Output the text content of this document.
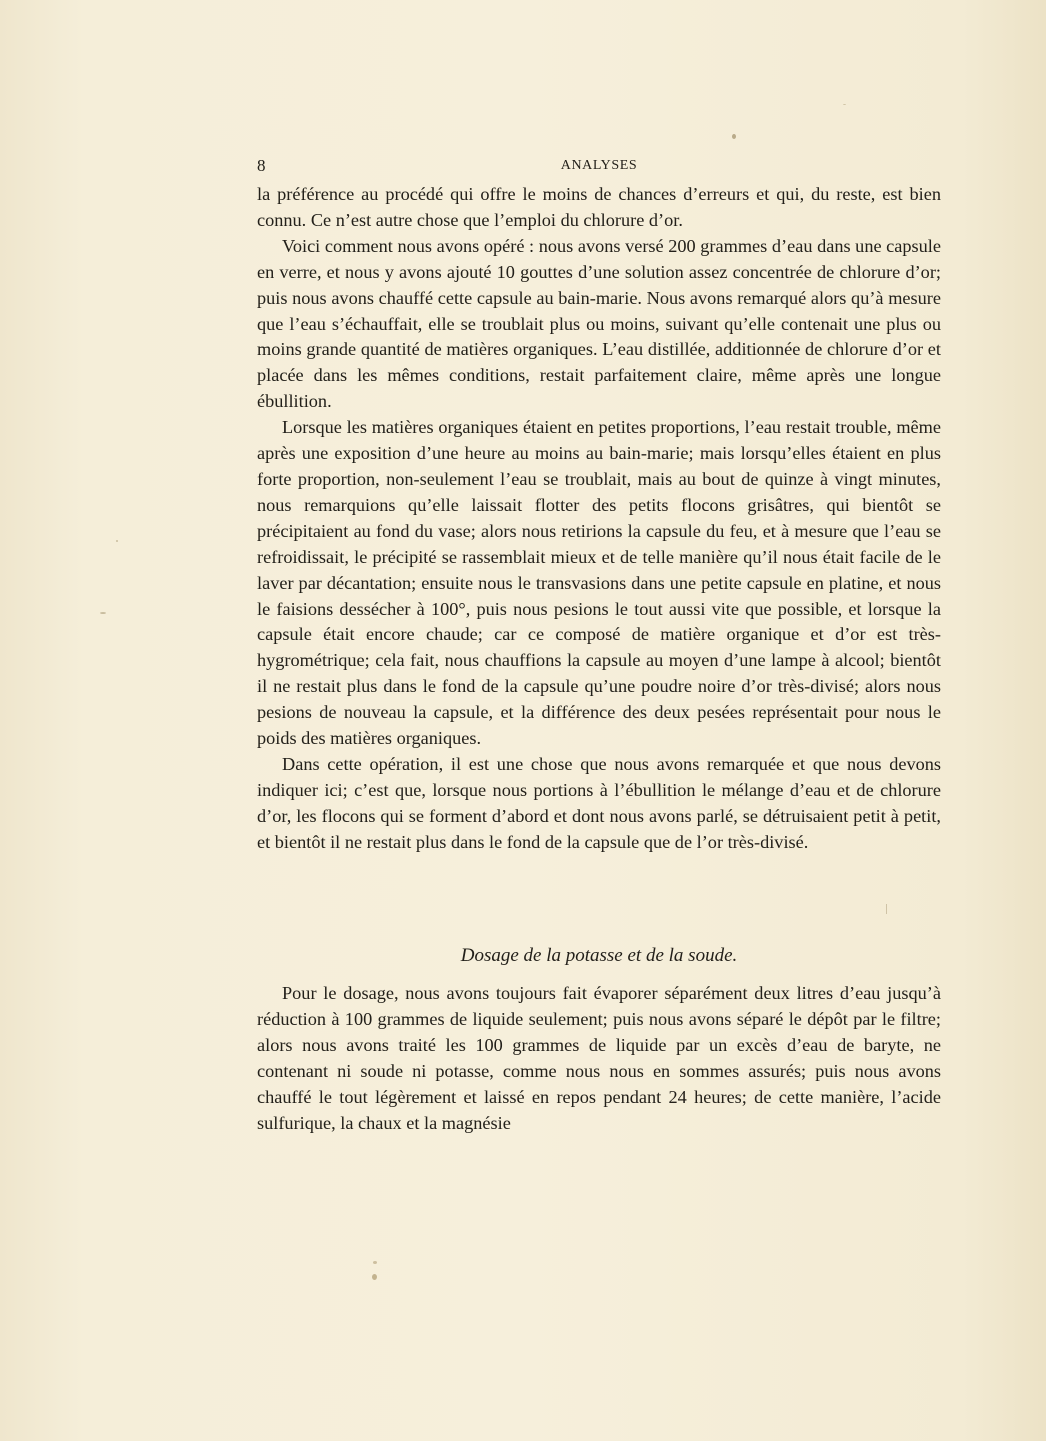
8	ANALYSES

la préférence au procédé qui offre le moins de chances d’erreurs et qui, du reste, est bien connu. Ce n’est autre chose que l’emploi du chlorure d’or.

Voici comment nous avons opéré : nous avons versé 200 grammes d’eau dans une capsule en verre, et nous y avons ajouté 10 gouttes d’une solution assez concentrée de chlorure d’or; puis nous avons chauffé cette capsule au bain-marie. Nous avons remarqué alors qu’à mesure que l’eau s’échauffait, elle se troublait plus ou moins, suivant qu’elle contenait une plus ou moins grande quantité de matières organiques. L’eau distillée, additionnée de chlorure d’or et placée dans les mêmes conditions, restait parfaitement claire, même après une longue ébullition.

Lorsque les matières organiques étaient en petites proportions, l’eau restait trouble, même après une exposition d’une heure au moins au bain-marie; mais lorsqu’elles étaient en plus forte proportion, non-seulement l’eau se troublait, mais au bout de quinze à vingt minutes, nous remarquions qu’elle laissait flotter des petits flocons grisâtres, qui bientôt se précipitaient au fond du vase; alors nous retirions la capsule du feu, et à mesure que l’eau se refroidissait, le précipité se rassemblait mieux et de telle manière qu’il nous était facile de le laver par décantation; ensuite nous le transvasions dans une petite capsule en platine, et nous le faisions dessécher à 100°, puis nous pesions le tout aussi vite que possible, et lorsque la capsule était encore chaude; car ce composé de matière organique et d’or est très-hygrométrique; cela fait, nous chauffions la capsule au moyen d’une lampe à alcool; bientôt il ne restait plus dans le fond de la capsule qu’une poudre noire d’or très-divisé; alors nous pesions de nouveau la capsule, et la différence des deux pesées représentait pour nous le poids des matières organiques.

Dans cette opération, il est une chose que nous avons remarquée et que nous devons indiquer ici; c’est que, lorsque nous portions à l’ébullition le mélange d’eau et de chlorure d’or, les flocons qui se forment d’abord et dont nous avons parlé, se détruisaient petit à petit, et bientôt il ne restait plus dans le fond de la capsule que de l’or très-divisé.

Dosage de la potasse et de la soude.

Pour le dosage, nous avons toujours fait évaporer séparément deux litres d’eau jusqu’à réduction à 100 grammes de liquide seulement; puis nous avons séparé le dépôt par le filtre; alors nous avons traité les 100 grammes de liquide par un excès d’eau de baryte, ne contenant ni soude ni potasse, comme nous nous en sommes assurés; puis nous avons chauffé le tout légèrement et laissé en repos pendant 24 heures; de cette manière, l’acide sulfurique, la chaux et la magnésie
